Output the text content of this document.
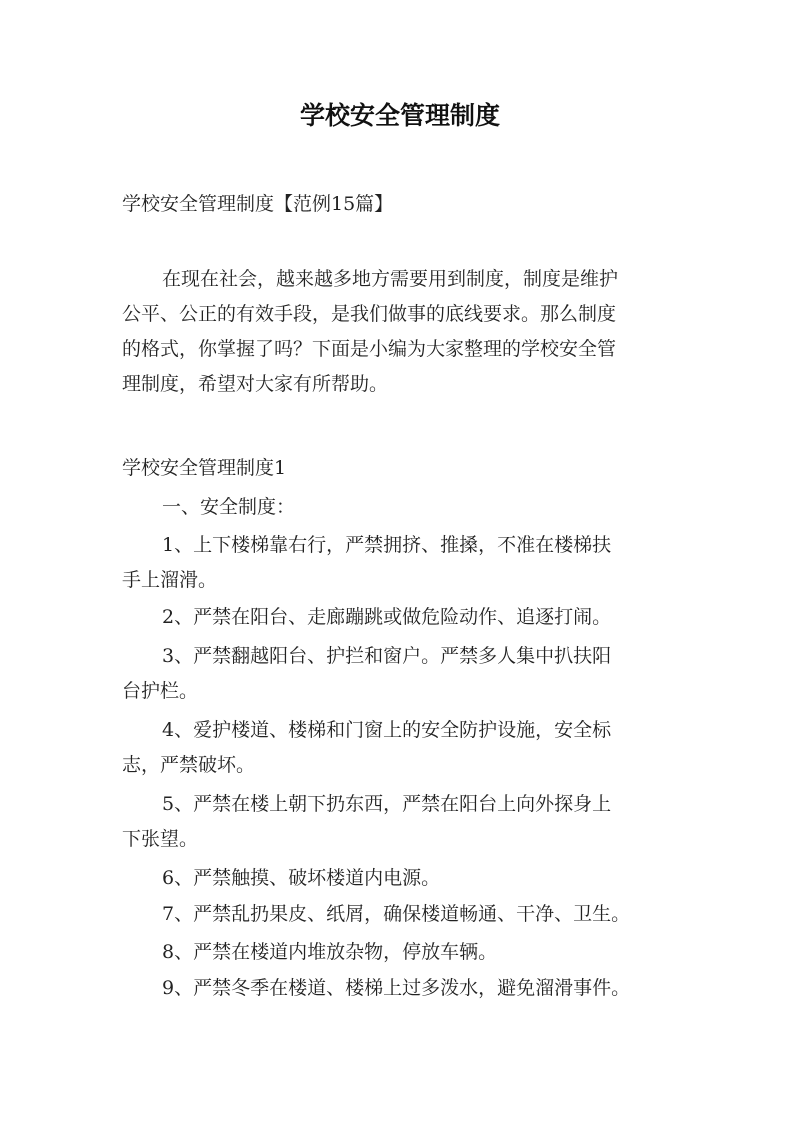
学校安全管理制度
学校安全管理制度【范例15篇】
在现在社会，越来越多地方需要用到制度，制度是维护
公平、公正的有效手段，是我们做事的底线要求。那么制度
的格式，你掌握了吗？下面是小编为大家整理的学校安全管
理制度，希望对大家有所帮助。
学校安全管理制度1
一、安全制度：
1、上下楼梯靠右行，严禁拥挤、推搡，不准在楼梯扶
手上溜滑。
2、严禁在阳台、走廊蹦跳或做危险动作、追逐打闹。
3、严禁翻越阳台、护拦和窗户。严禁多人集中扒扶阳
台护栏。
4、爱护楼道、楼梯和门窗上的安全防护设施，安全标
志，严禁破坏。
5、严禁在楼上朝下扔东西，严禁在阳台上向外探身上
下张望。
6、严禁触摸、破坏楼道内电源。
7、严禁乱扔果皮、纸屑，确保楼道畅通、干净、卫生。
8、严禁在楼道内堆放杂物，停放车辆。
9、严禁冬季在楼道、楼梯上过多泼水，避免溜滑事件。
